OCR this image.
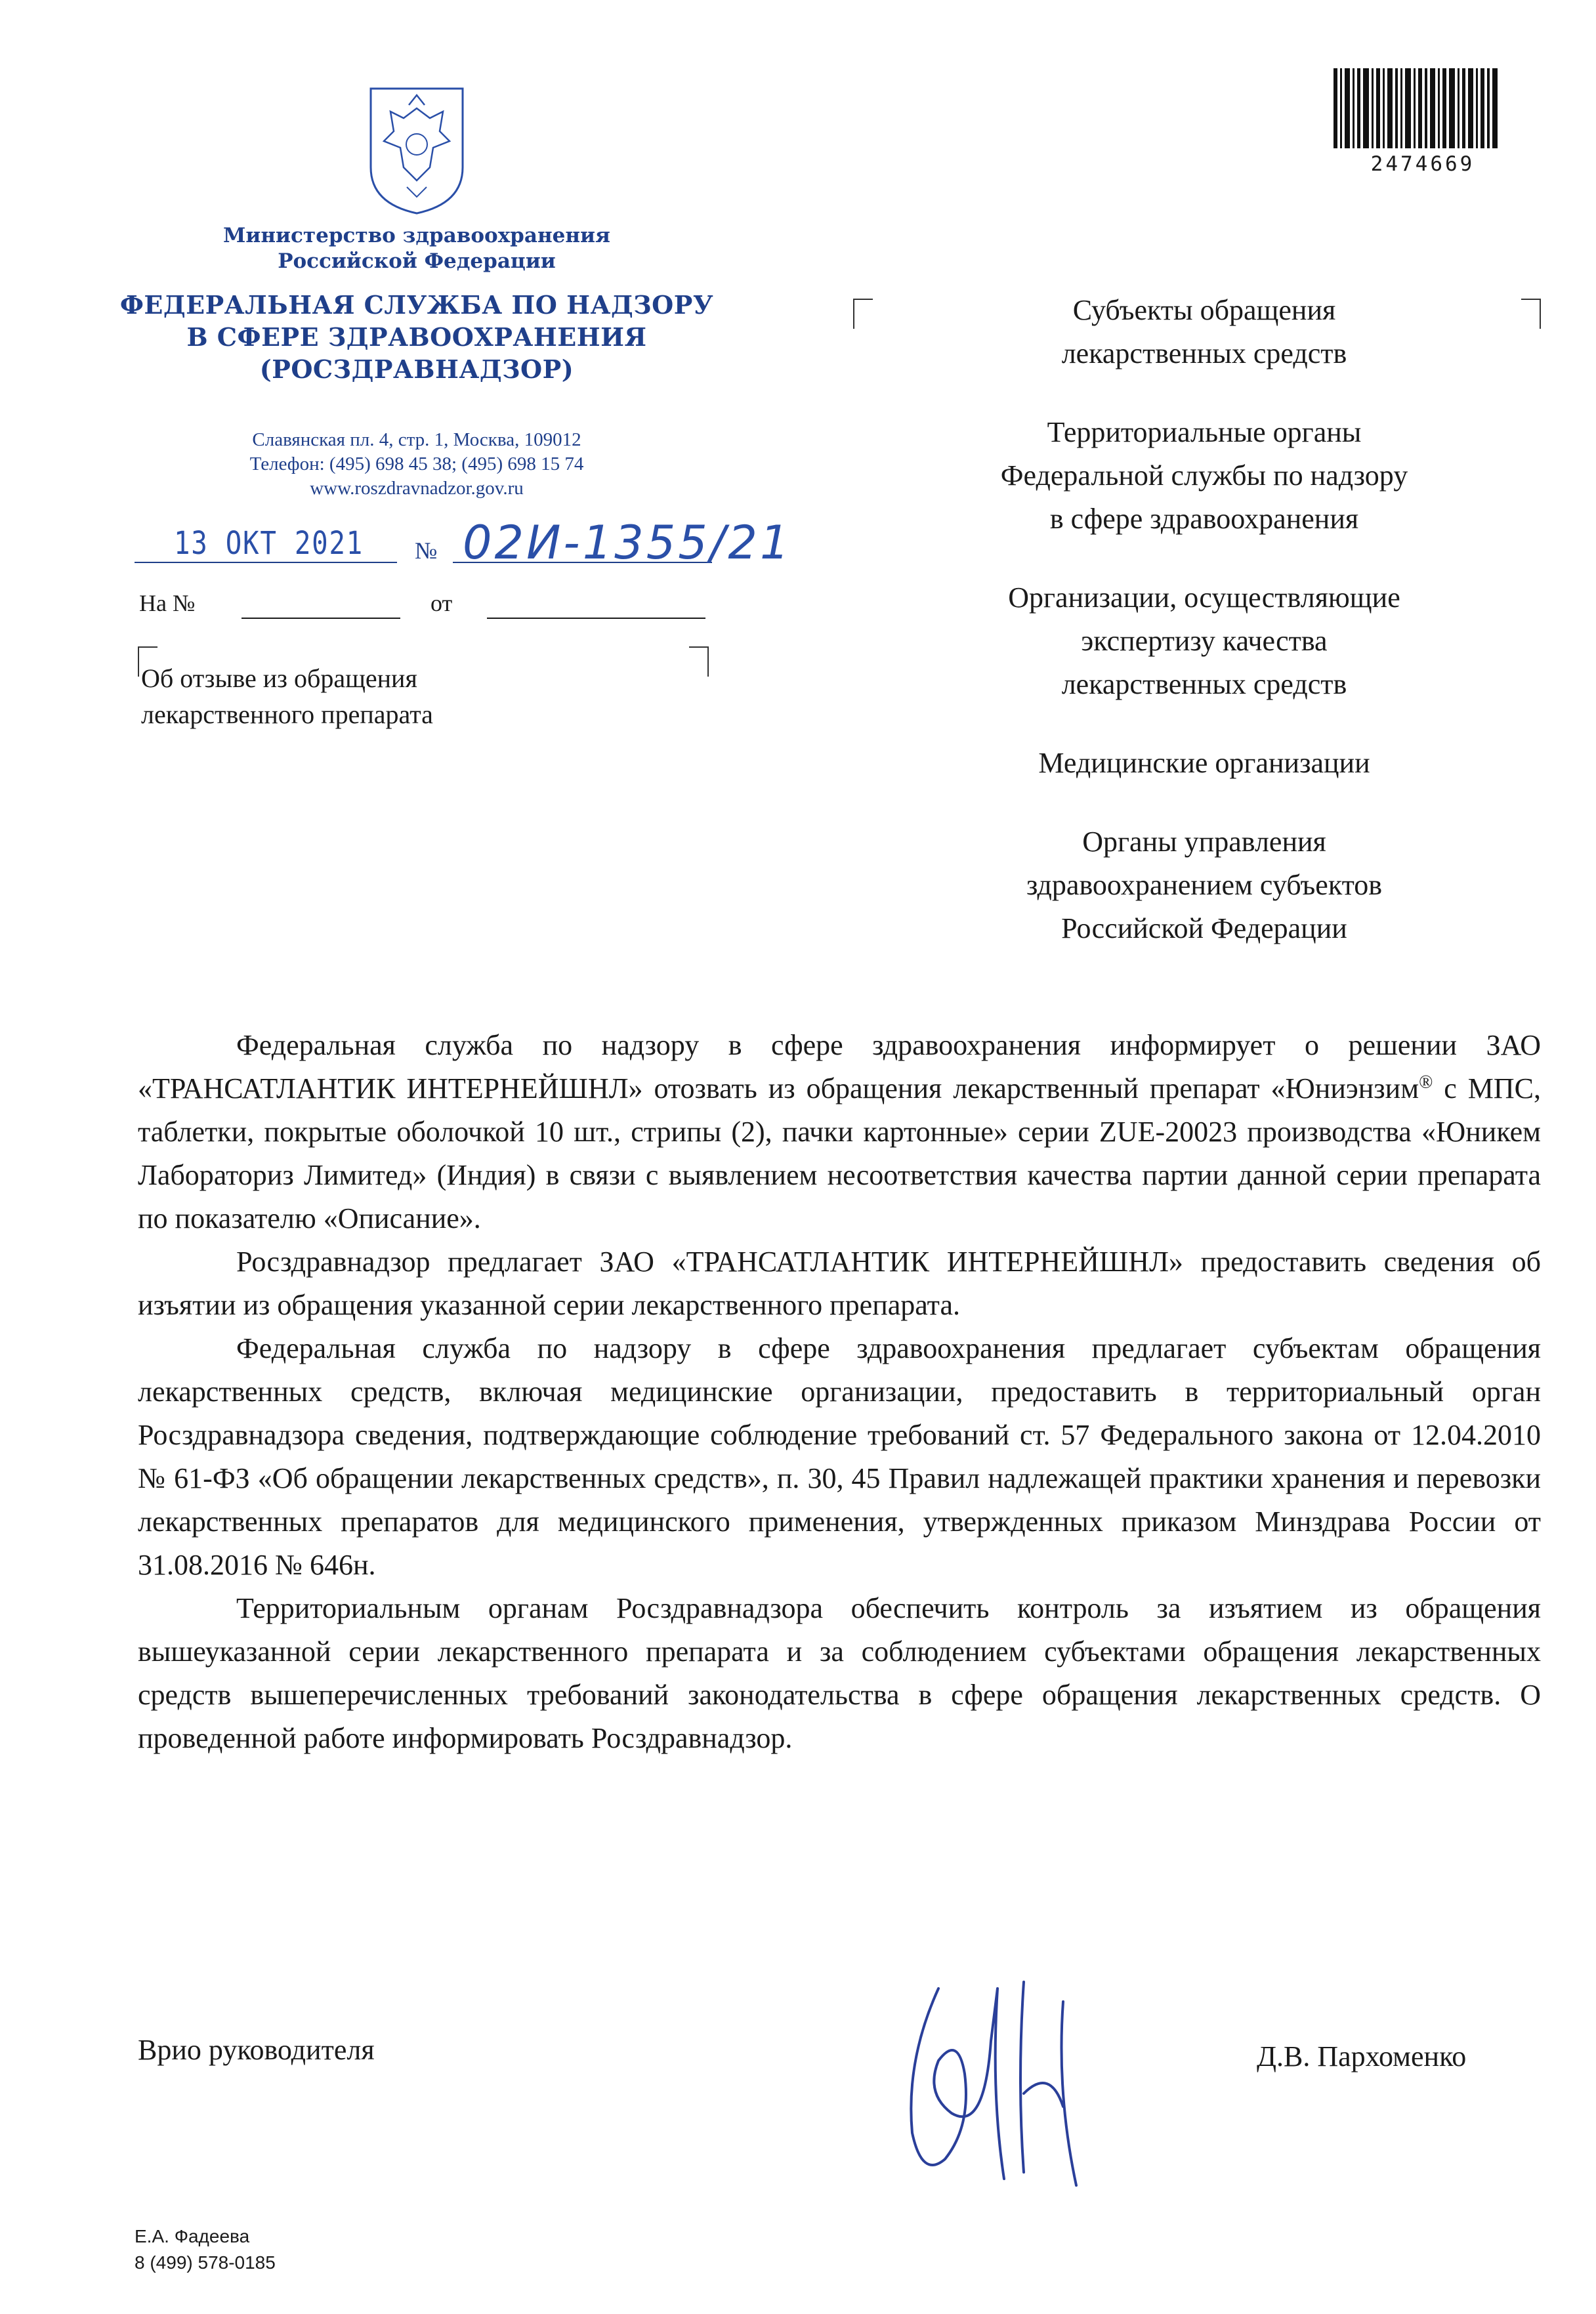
Министерство здравоохранения
Российской Федерации
ФЕДЕРАЛЬНАЯ СЛУЖБА ПО НАДЗОРУ
В СФЕРЕ ЗДРАВООХРАНЕНИЯ
(РОСЗДРАВНАДЗОР)
Славянская пл. 4, стр. 1, Москва, 109012
Телефон: (495) 698 45 38; (495) 698 15 74
www.roszdravnadzor.gov.ru
13 ОКТ 2021 № 02И-1355/21
На №	от
Об отзыве из обращения
лекарственного препарата
2474669
Субъекты обращения
лекарственных средств
Территориальные органы
Федеральной службы по надзору
в сфере здравоохранения
Организации, осуществляющие
экспертизу качества
лекарственных средств
Медицинские организации
Органы управления
здравоохранением субъектов
Российской Федерации

Федеральная служба по надзору в сфере здравоохранения информирует о решении ЗАО «ТРАНСАТЛАНТИК ИНТЕРНЕЙШНЛ» отозвать из обращения лекарственный препарат «Юниэнзим® с МПС, таблетки, покрытые оболочкой 10 шт., стрипы (2), пачки картонные» серии ZUE-20023 производства «Юникем Лабораториз Лимитед» (Индия) в связи с выявлением несоответствия качества партии данной серии препарата по показателю «Описание».

Росздравнадзор предлагает ЗАО «ТРАНСАТЛАНТИК ИНТЕРНЕЙШНЛ» предоставить сведения об изъятии из обращения указанной серии лекарственного препарата.

Федеральная служба по надзору в сфере здравоохранения предлагает субъектам обращения лекарственных средств, включая медицинские организации, предоставить в территориальный орган Росздравнадзора сведения, подтверждающие соблюдение требований ст. 57 Федерального закона от 12.04.2010 № 61-ФЗ «Об обращении лекарственных средств», п. 30, 45 Правил надлежащей практики хранения и перевозки лекарственных препаратов для медицинского применения, утвержденных приказом Минздрава России от 31.08.2016 № 646н.

Территориальным органам Росздравнадзора обеспечить контроль за изъятием из обращения вышеуказанной серии лекарственного препарата и за соблюдением субъектами обращения лекарственных средств вышеперечисленных требований законодательства в сфере обращения лекарственных средств. О проведенной работе информировать Росздравнадзор.

Врио руководителя	Д.В. Пархоменко
Е.А. Фадеева
8 (499) 578-0185
